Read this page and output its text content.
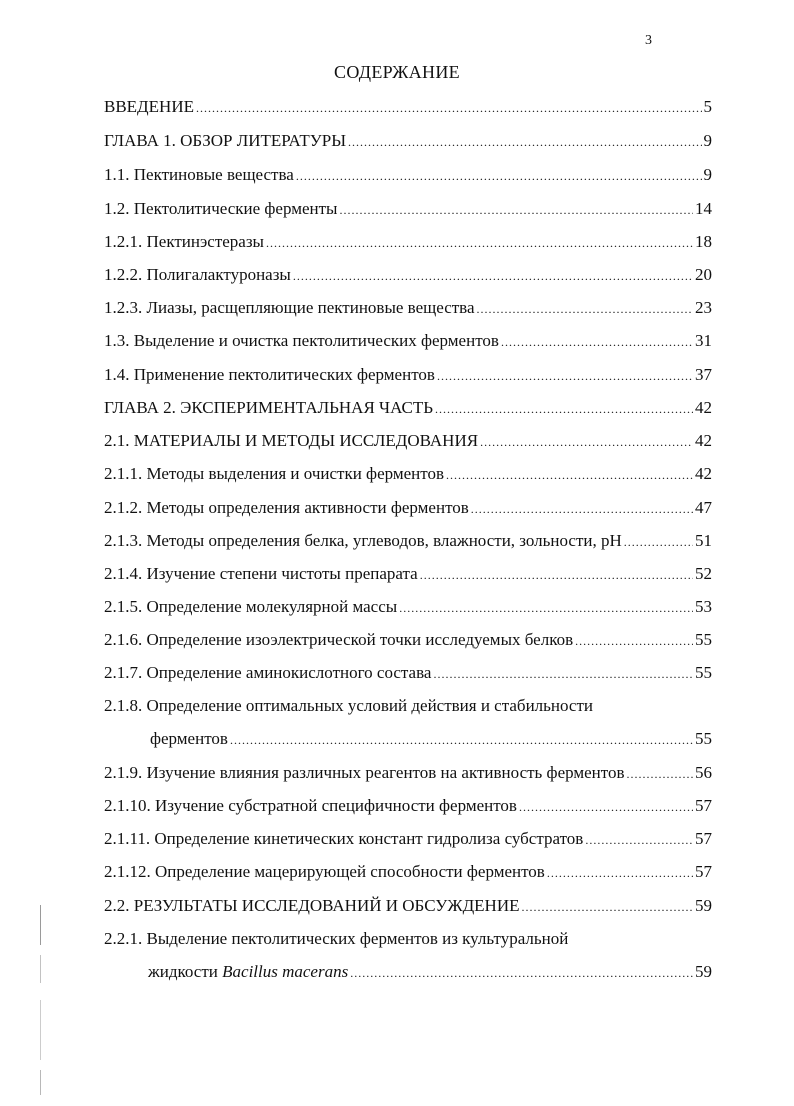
3
СОДЕРЖАНИЕ
ВВЕДЕНИЕ .....	5
ГЛАВА 1. ОБЗОР ЛИТЕРАТУРЫ .....	9
1.1. Пектиновые вещества .....	9
1.2. Пектолитические ферменты .....	14
1.2.1. Пектинэстеразы .....	18
1.2.2. Полигалактуроназы .....	20
1.2.3. Лиазы, расщепляющие пектиновые вещества .....	23
1.3. Выделение и очистка пектолитических ферментов .....	31
1.4. Применение пектолитических ферментов .....	37
ГЛАВА 2. ЭКСПЕРИМЕНТАЛЬНАЯ ЧАСТЬ .....	42
2.1. МАТЕРИАЛЫ И МЕТОДЫ ИССЛЕДОВАНИЯ .....	42
2.1.1. Методы выделения и очистки ферментов .....	42
2.1.2. Методы определения активности ферментов .....	47
2.1.3. Методы определения белка, углеводов, влажности, зольности, рН .....	51
2.1.4. Изучение степени чистоты препарата .....	52
2.1.5. Определение молекулярной массы .....	53
2.1.6. Определение изоэлектрической точки исследуемых белков .....	55
2.1.7. Определение аминокислотного состава .....	55
2.1.8. Определение оптимальных условий действия и стабильности
ферментов .....	55
2.1.9. Изучение влияния различных реагентов на активность ферментов .....	56
2.1.10. Изучение субстратной специфичности ферментов .....	57
2.1.11. Определение кинетических констант гидролиза субстратов .....	57
2.1.12. Определение мацерирующей способности ферментов .....	57
2.2. РЕЗУЛЬТАТЫ ИССЛЕДОВАНИЙ И ОБСУЖДЕНИЕ .....	59
2.2.1. Выделение пектолитических ферментов из культуральной
жидкости Bacillus macerans .....	59
